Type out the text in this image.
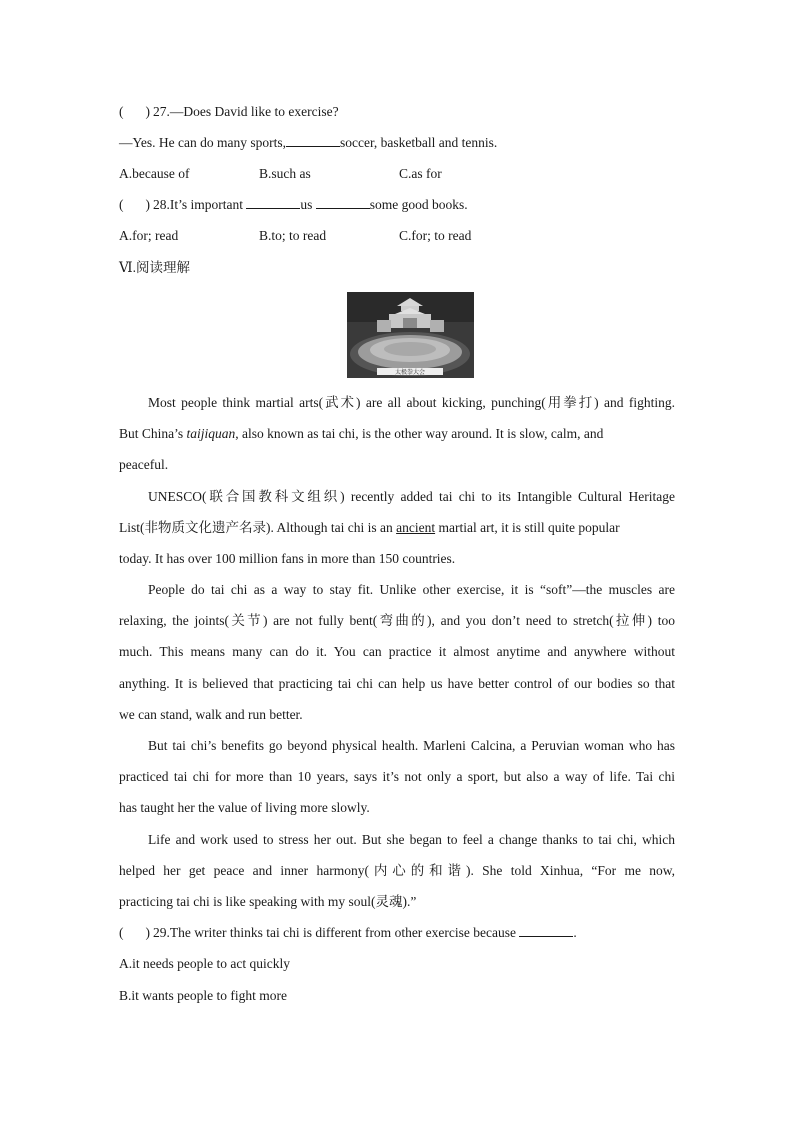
( ) 27.—Does David like to exercise?
—Yes. He can do many sports,	soccer, basketball and tennis.
A.because of	B.such as	C.as for
( ) 28.It’s important	us	some good books.
A.for; read	B.to; to read	C.for; to read
Ⅵ.阅读理解
太极拳大会
Most people think martial arts(武术) are all about kicking, punching(用拳打) and fighting.
But China’s taijiquan, also known as tai chi, is the other way around. It is slow, calm, and
peaceful.
UNESCO(联合国教科文组织) recently added tai chi to its Intangible Cultural Heritage
List(非物质文化遗产名录). Although tai chi is an ancient martial art, it is still quite popular
today. It has over 100 million fans in more than 150 countries.
People do tai chi as a way to stay fit. Unlike other exercise, it is “soft”—the muscles are
relaxing, the joints(关节) are not fully bent(弯曲的), and you don’t need to stretch(拉伸) too
much. This means many can do it. You can practice it almost anytime and anywhere without
anything. It is believed that practicing tai chi can help us have better control of our bodies so that
we can stand, walk and run better.
But tai chi’s benefits go beyond physical health. Marleni Calcina, a Peruvian woman who has
practiced tai chi for more than 10 years, says it’s not only a sport, but also a way of life. Tai chi
has taught her the value of living more slowly.
Life and work used to stress her out. But she began to feel a change thanks to tai chi, which
helped her get peace and inner harmony(内心的和谐). She told Xinhua, “For me now,
practicing tai chi is like speaking with my soul(灵魂).”
( ) 29.The writer thinks tai chi is different from other exercise because	.
A.it needs people to act quickly
B.it wants people to fight more
